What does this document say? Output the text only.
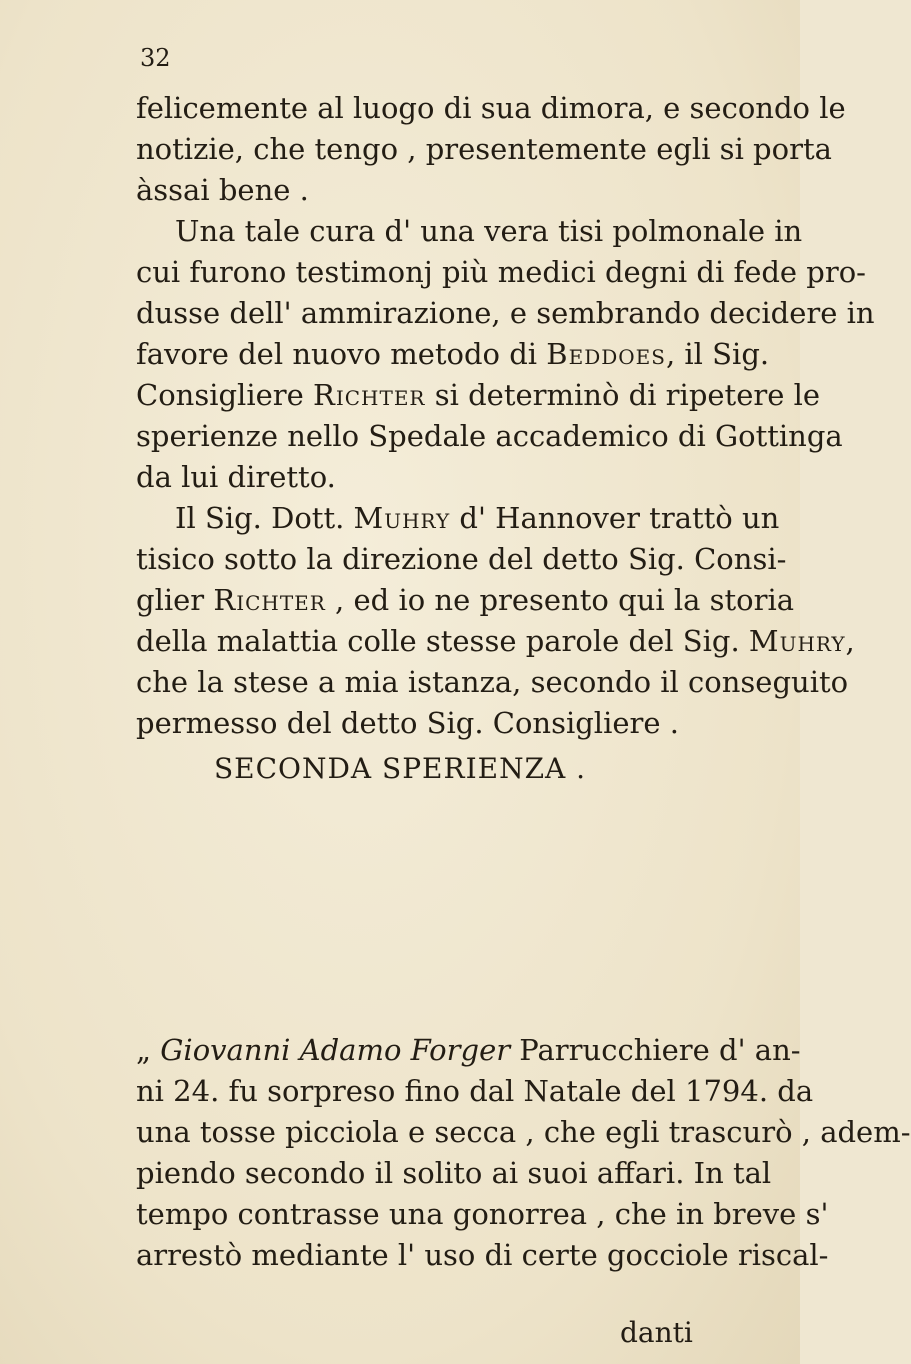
32
felicemente al luogo di sua dimora, e secondo le
notizie, che tengo , presentemente egli si porta
àssai bene .
Una tale cura d' una vera tisi polmonale in
cui furono testimonj più medici degni di fede pro-
dusse dell' ammirazione, e sembrando decidere in
favore del nuovo metodo di Beddoes, il Sig.
Consigliere Richter si determinò di ripetere le
sperienze nello Spedale accademico di Gottinga
da lui diretto.
Il Sig. Dott. Muhry d' Hannover trattò un
tisico sotto la direzione del detto Sig. Consi-
glier Richter , ed io ne presento qui la storia
della malattia colle stesse parole del Sig. Muhry,
che la stese a mia istanza, secondo il conseguito
permesso del detto Sig. Consigliere .
SECONDA SPERIENZA .
„ Giovanni Adamo Forger Parrucchiere d' an-
ni 24. fu sorpreso fino dal Natale del 1794. da
una tosse picciola e secca , che egli trascurò , adem-
piendo secondo il solito ai suoi affari. In tal
tempo contrasse una gonorrea , che in breve s'
arrestò mediante l' uso di certe gocciole riscal-
danti
